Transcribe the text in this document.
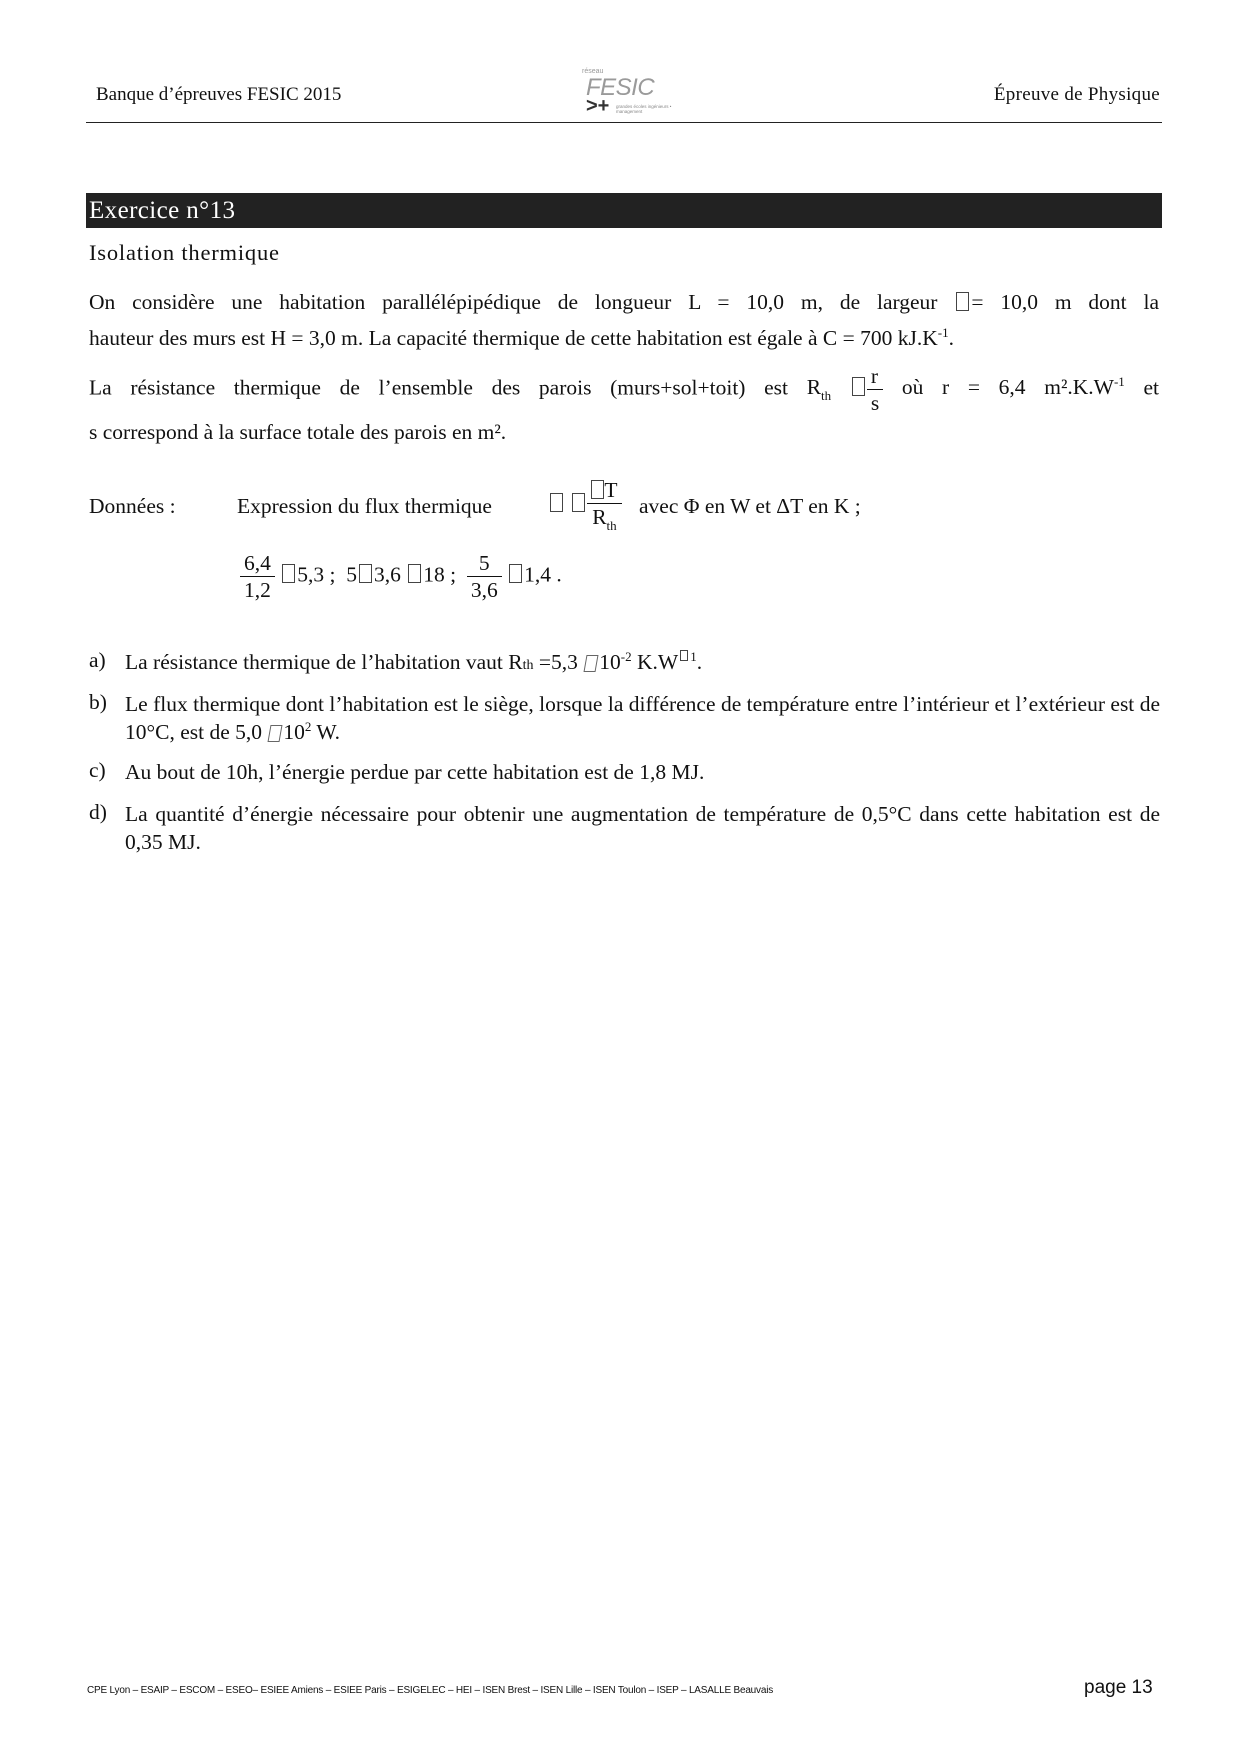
Banque d’épreuves FESIC 2015
réseau
FESIC
>+ grandes écoles ingénieurs • management
Épreuve de Physique
Exercice n°13
Isolation thermique
On considère une habitation parallélépipédique de longueur L = 10,0 m, de largeur = 10,0 m dont la
hauteur des murs est H = 3,0 m. La capacité thermique de cette habitation est égale à C = 700 $kJ.K^{-1}$.
La résistance thermique de l’ensemble des parois (murs+sol+toit) est $R_{th} \frac{r}{s}$ où r = 6,4 $m^2.K.W^{-1}$ et
s correspond à la surface totale des parois en m².
Données :	Expression du flux thermique
	$\frac{T}{R_{th}}$ avec Φ en W et ΔT en K ;
$\frac{6,4}{1,2} 5,3$ ; 5 3,6 18 ; $\frac{5}{3,6} 1,4$ .
a) La résistance thermique de l’habitation vaut Rth =5,3 $10^{-2}$ K.W $^1$.
b) Le flux thermique dont l’habitation est le siège, lorsque la différence de température entre l’intérieur et l’extérieur est de 10°C, est de 5,0 $10^2$ W.
c) Au bout de 10h, l’énergie perdue par cette habitation est de 1,8 MJ.
d) La quantité d’énergie nécessaire pour obtenir une augmentation de température de 0,5°C dans cette habitation est de 0,35 MJ.
CPE Lyon – ESAIP – ESCOM – ESEO– ESIEE Amiens – ESIEE Paris – ESIGELEC – HEI – ISEN Brest – ISEN Lille – ISEN Toulon – ISEP – LASALLE Beauvais	page 13
